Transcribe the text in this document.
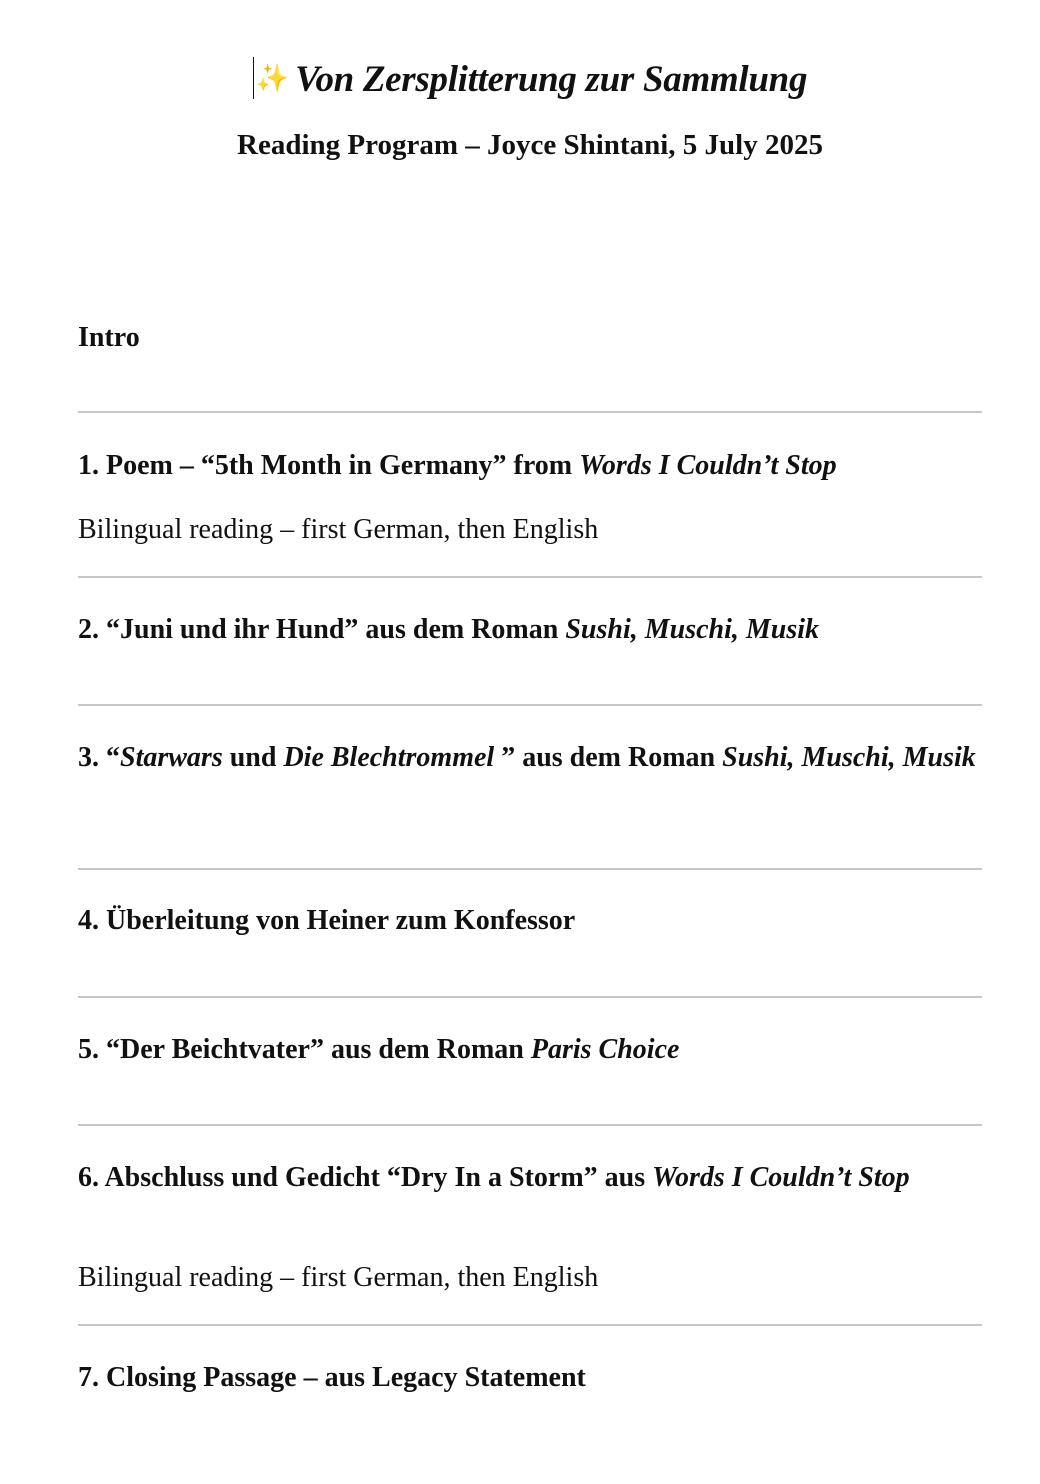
✨ Von Zersplitterung zur Sammlung
Reading Program – Joyce Shintani, 5 July 2025
Intro
1. Poem – “5th Month in Germany” from Words I Couldn’t Stop
Bilingual reading – first German, then English
2. “Juni und ihr Hund” aus dem Roman Sushi, Muschi, Musik
3. “Starwars und Die Blechtrommel ” aus dem Roman Sushi, Muschi, Musik
4. Überleitung von Heiner zum Konfessor
5. “Der Beichtvater” aus dem Roman Paris Choice
6. Abschluss und Gedicht “Dry In a Storm” aus Words I Couldn’t Stop
Bilingual reading – first German, then English
7. Closing Passage – aus Legacy Statement
